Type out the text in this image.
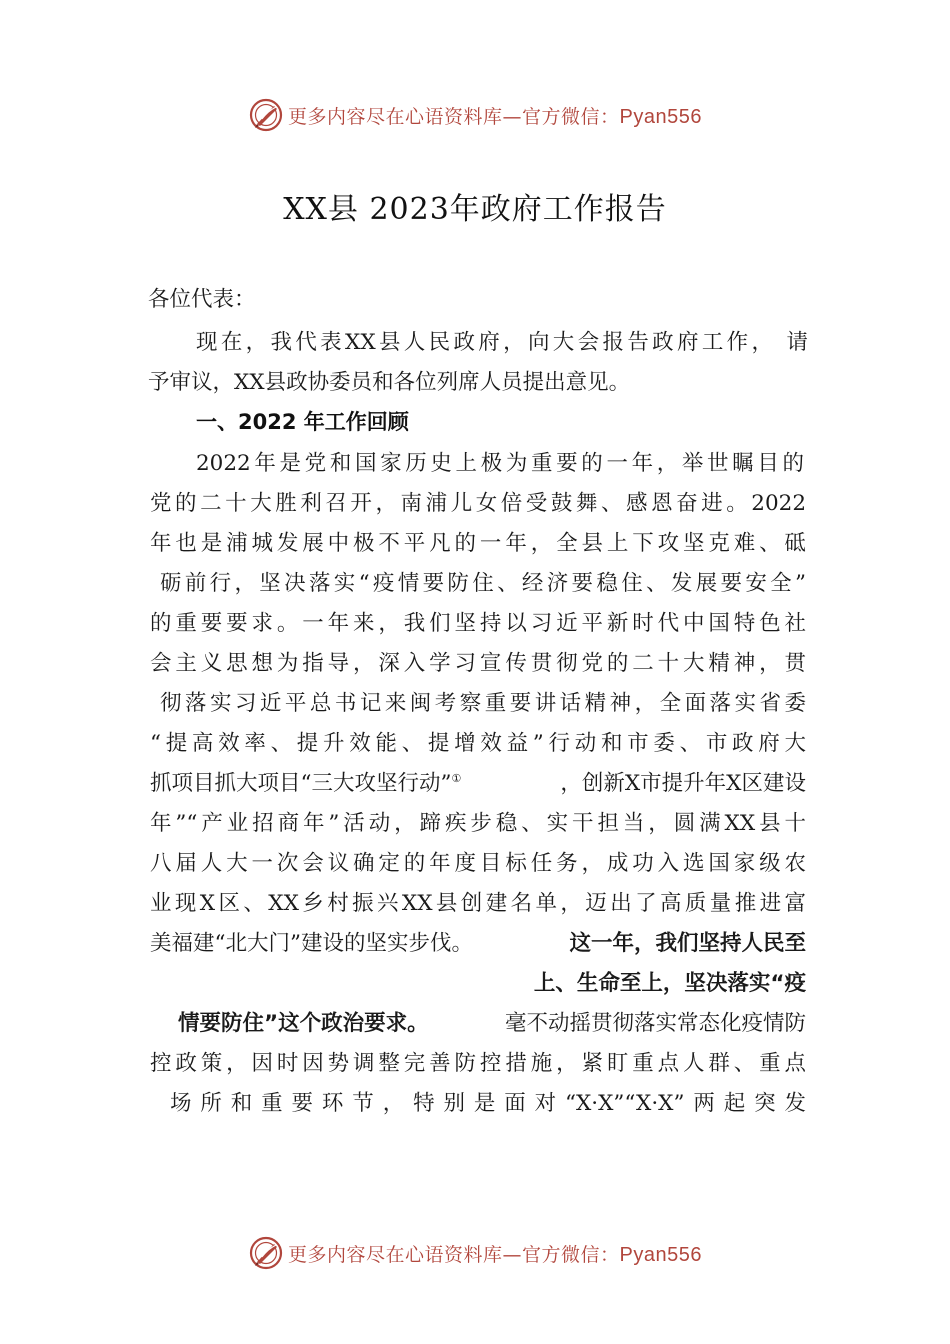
更多内容尽在心语资料库—官方微信：Pyan556
XX县 2023年政府工作报告
各位代表：
现在，我代表XX县人民政府，向大会报告政府工作， 请
予审议，XX县政协委员和各位列席人员提出意见。
一、2022 年工作回顾
2022年是党和国家历史上极为重要的一年，举世瞩目的
党的二十大胜利召开，南浦儿女倍受鼓舞、感恩奋进。2022
年也是浦城发展中极不平凡的一年，全县上下攻坚克难、砥
砺前行，坚决落实“疫情要防住、经济要稳住、发展要安全”
的重要要求。一年来，我们坚持以习近平新时代中国特色社
会主义思想为指导，深入学习宣传贯彻党的二十大精神，贯
彻落实习近平总书记来闽考察重要讲话精神，全面落实省委
“提高效率、提升效能、提增效益”行动和市委、市政府大
抓项目抓大项目“三大攻坚行动”①	，创新X市提升年X区建设
年”“产业招商年”活动，蹄疾步稳、实干担当，圆满XX县十
八届人大一次会议确定的年度目标任务，成功入选国家级农
业现X区、XX乡村振兴XX县创建名单，迈出了高质量推进富
美福建“北大门”建设的坚实步伐。	这一年，我们坚持人民至
上、生命至上，坚决落实“疫
情要防住”这个政治要求。	毫不动摇贯彻落实常态化疫情防
控政策，因时因势调整完善防控措施，紧盯重点人群、重点
场所和重要环节，特别是面对“X·X”“X·X”两起突发
更多内容尽在心语资料库—官方微信：Pyan556
